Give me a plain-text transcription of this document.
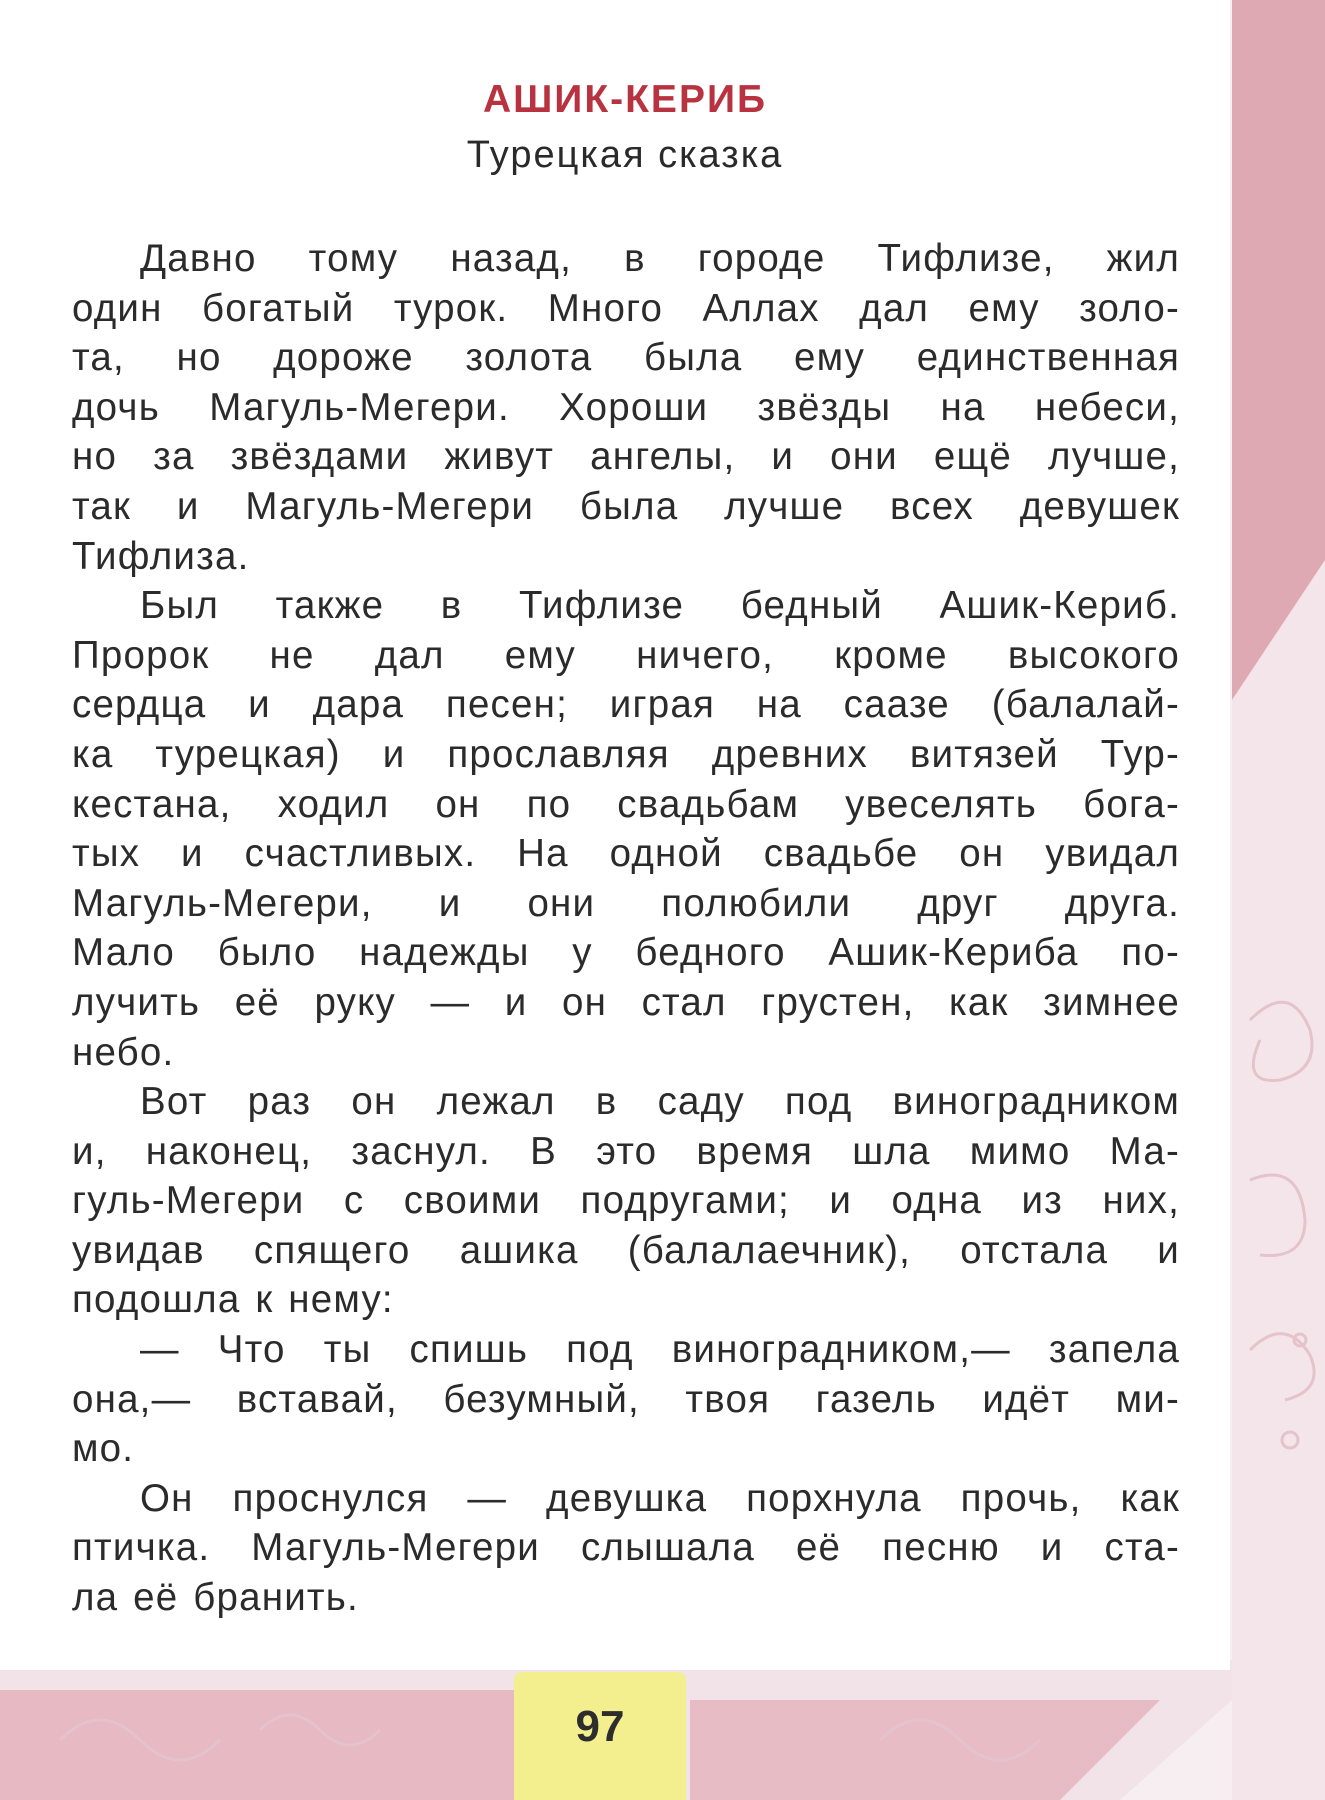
АШИК-КЕРИБ
Турецкая сказка

Давно тому назад, в городе Тифлизе, жил
один богатый турок. Много Аллах дал ему золо-
та, но дороже золота была ему единственная
дочь Магуль-Мегери. Хороши звёзды на небеси,
но за звёздами живут ангелы, и они ещё лучше,
так и Магуль-Мегери была лучше всех девушек
Тифлиза.

Был также в Тифлизе бедный Ашик-Кериб.
Пророк не дал ему ничего, кроме высокого
сердца и дара песен; играя на саазе (балалай-
ка турецкая) и прославляя древних витязей Тур-
кестана, ходил он по свадьбам увеселять бога-
тых и счастливых. На одной свадьбе он увидал
Магуль-Мегери, и они полюбили друг друга.
Мало было надежды у бедного Ашик-Кериба по-
лучить её руку — и он стал грустен, как зимнее
небо.

Вот раз он лежал в саду под виноградником
и, наконец, заснул. В это время шла мимо Ма-
гуль-Мегери с своими подругами; и одна из них,
увидав спящего ашика (балалаечник), отстала и
подошла к нему:

— Что ты спишь под виноградником,— запела
она,— вставай, безумный, твоя газель идёт ми-
мо.

Он проснулся — девушка порхнула прочь, как
птичка. Магуль-Мегери слышала её песню и ста-
ла её бранить.

97
